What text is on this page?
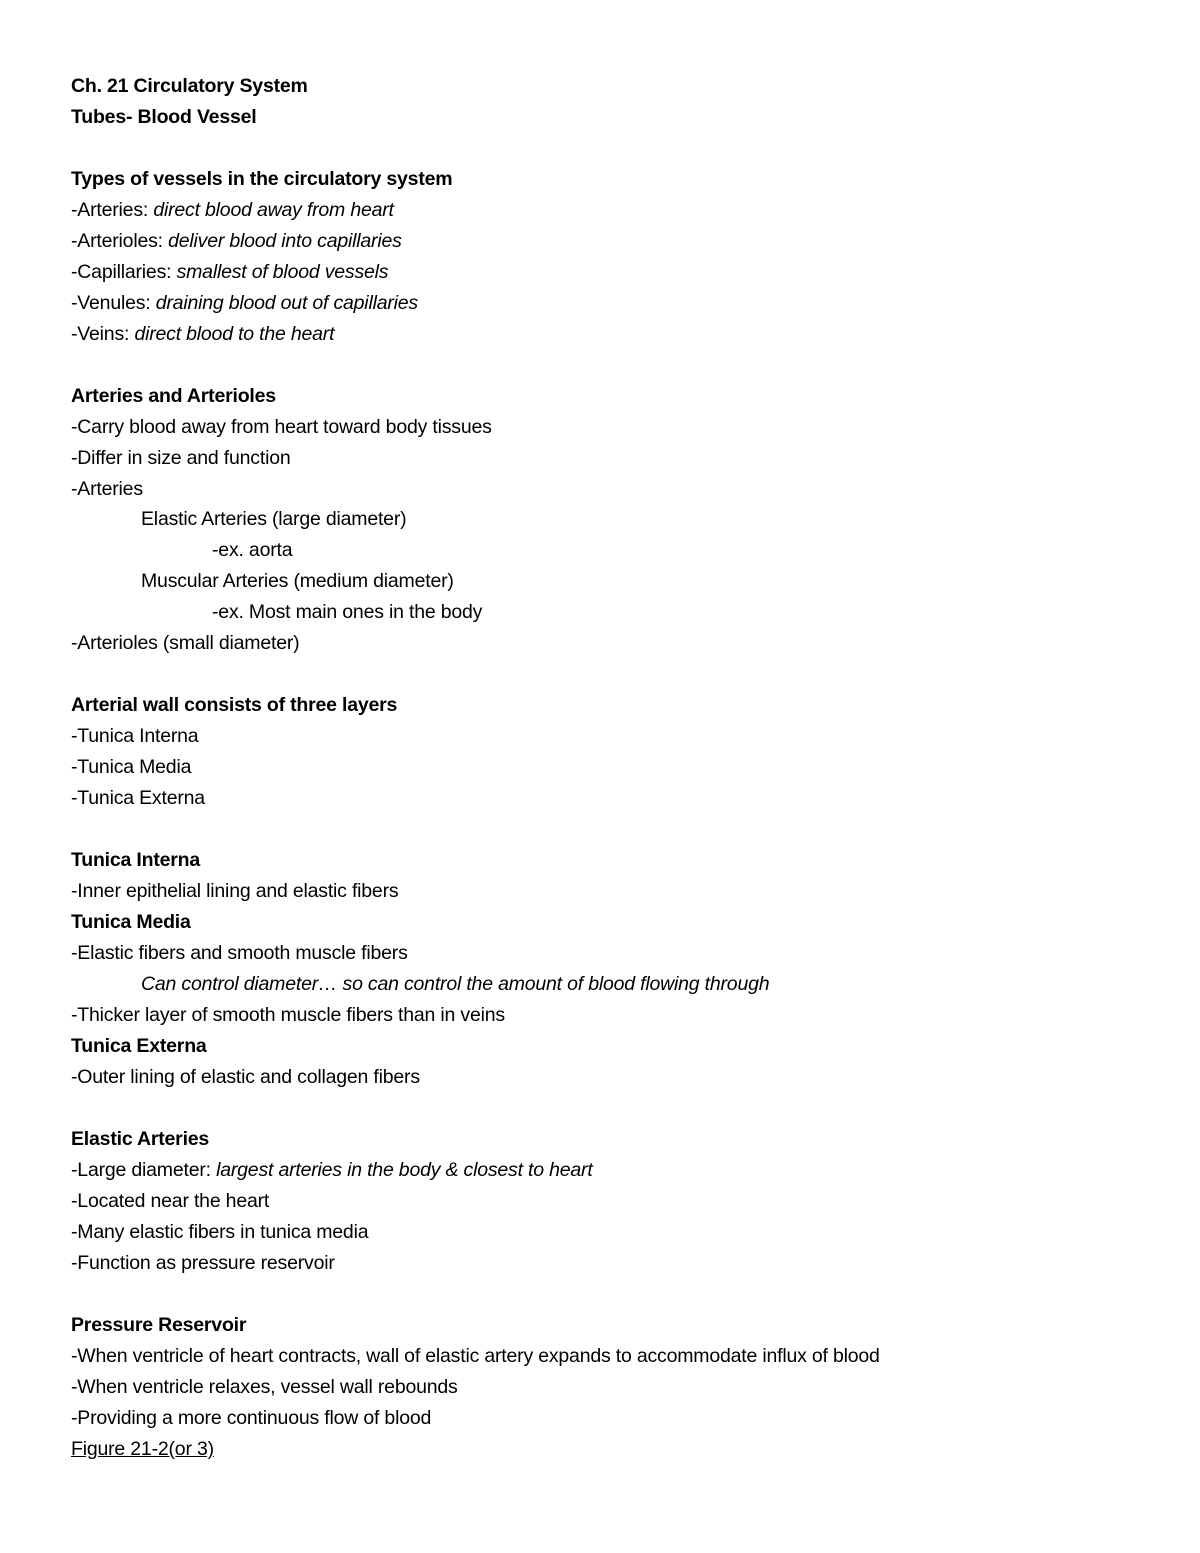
Ch. 21 Circulatory System
Tubes- Blood Vessel
Types of vessels in the circulatory system
-Arteries: direct blood away from heart
-Arterioles: deliver blood into capillaries
-Capillaries: smallest of blood vessels
-Venules: draining blood out of capillaries
-Veins: direct blood to the heart
Arteries and Arterioles
-Carry blood away from heart toward body tissues
-Differ in size and function
-Arteries
Elastic Arteries (large diameter)
-ex. aorta
Muscular Arteries (medium diameter)
-ex. Most main ones in the body
-Arterioles (small diameter)
Arterial wall consists of three layers
-Tunica Interna
-Tunica Media
-Tunica Externa
Tunica Interna
-Inner epithelial lining and elastic fibers
Tunica Media
-Elastic fibers and smooth muscle fibers
Can control diameter… so can control the amount of blood flowing through
-Thicker layer of smooth muscle fibers than in veins
Tunica Externa
-Outer lining of elastic and collagen fibers
Elastic Arteries
-Large diameter: largest arteries in the body & closest to heart
-Located near the heart
-Many elastic fibers in tunica media
-Function as pressure reservoir
Pressure Reservoir
-When ventricle of heart contracts, wall of elastic artery expands to accommodate influx of blood
-When ventricle relaxes, vessel wall rebounds
-Providing a more continuous flow of blood
Figure 21-2(or 3)
